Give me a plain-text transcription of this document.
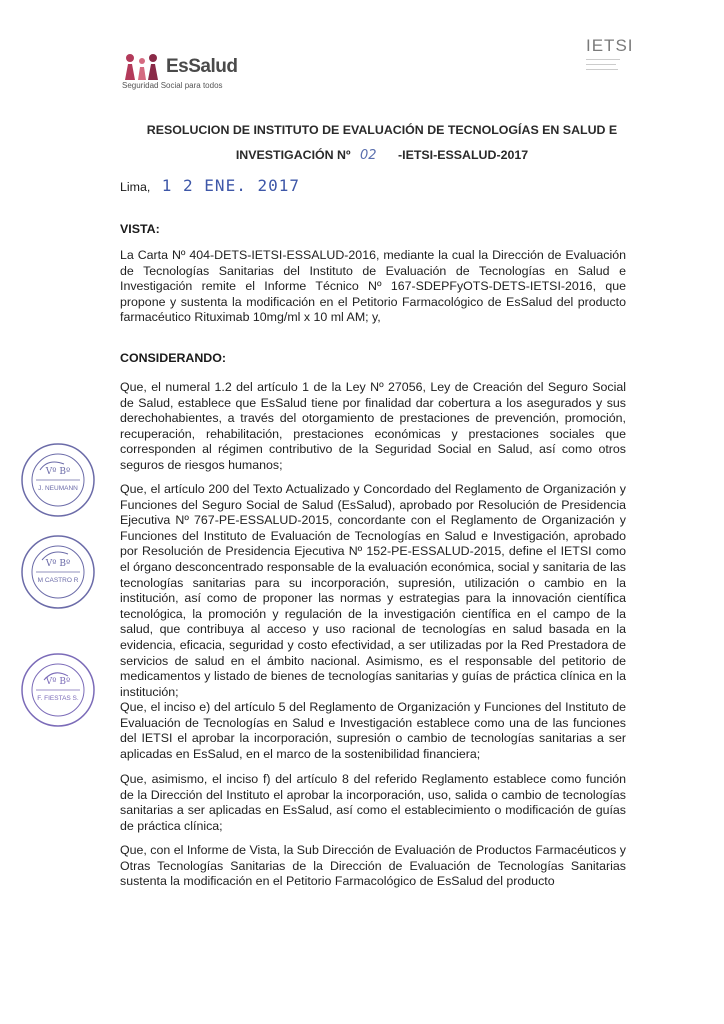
EsSalud
Seguridad Social para todos
IETSI
RESOLUCION DE INSTITUTO DE EVALUACIÓN DE TECNOLOGÍAS EN SALUD E
INVESTIGACIÓN Nº 02 -IETSI-ESSALUD-2017
Lima, 1 2 ENE. 2017
VISTA:
La Carta Nº 404-DETS-IETSI-ESSALUD-2016, mediante la cual la Dirección de Evaluación de Tecnologías Sanitarias del Instituto de Evaluación de Tecnologías en Salud e Investigación remite el Informe Técnico Nº 167-SDEPFyOTS-DETS-IETSI-2016, que propone y sustenta la modificación en el Petitorio Farmacológico de EsSalud del producto farmacéutico Rituximab 10mg/ml x 10 ml AM; y,
CONSIDERANDO:
Que, el numeral 1.2 del artículo 1 de la Ley Nº 27056, Ley de Creación del Seguro Social de Salud, establece que EsSalud tiene por finalidad dar cobertura a los asegurados y sus derechohabientes, a través del otorgamiento de prestaciones de prevención, promoción, recuperación, rehabilitación, prestaciones económicas y prestaciones sociales que corresponden al régimen contributivo de la Seguridad Social en Salud, así como otros seguros de riesgos humanos;
Que, el artículo 200 del Texto Actualizado y Concordado del Reglamento de Organización y Funciones del Seguro Social de Salud (EsSalud), aprobado por Resolución de Presidencia Ejecutiva Nº 767-PE-ESSALUD-2015, concordante con el Reglamento de Organización y Funciones del Instituto de Evaluación de Tecnologías en Salud e Investigación, aprobado por Resolución de Presidencia Ejecutiva Nº 152-PE-ESSALUD-2015, define el IETSI como el órgano desconcentrado responsable de la evaluación económica, social y sanitaria de las tecnologías sanitarias para su incorporación, supresión, utilización o cambio en la institución, así como de proponer las normas y estrategias para la innovación científica tecnológica, la promoción y regulación de la investigación científica en el campo de la salud, que contribuya al acceso y uso racional de tecnologías en salud basada en la evidencia, eficacia, seguridad y costo efectividad, a ser utilizadas por la Red Prestadora de servicios de salud en el ámbito nacional. Asimismo, es el responsable del petitorio de medicamentos y listado de bienes de tecnologías sanitarias y guías de práctica clínica en la institución;
Que, el inciso e) del artículo 5 del Reglamento de Organización y Funciones del Instituto de Evaluación de Tecnologías en Salud e Investigación establece como una de las funciones del IETSI el aprobar la incorporación, supresión o cambio de tecnologías sanitarias a ser aplicadas en EsSalud, en el marco de la sostenibilidad financiera;
Que, asimismo, el inciso f) del artículo 8 del referido Reglamento establece como función de la Dirección del Instituto el aprobar la incorporación, uso, salida o cambio de tecnologías sanitarias a ser aplicadas en EsSalud, así como el establecimiento o modificación de guías de práctica clínica;
Que, con el Informe de Vista, la Sub Dirección de Evaluación de Productos Farmacéuticos y Otras Tecnologías Sanitarias de la Dirección de Evaluación de Tecnologías Sanitarias sustenta la modificación en el Petitorio Farmacológico de EsSalud del producto
Vº Bº
J. NEUMANN
Vº Bº
M CASTRO R
Vº Bº
F. FIESTAS S.
